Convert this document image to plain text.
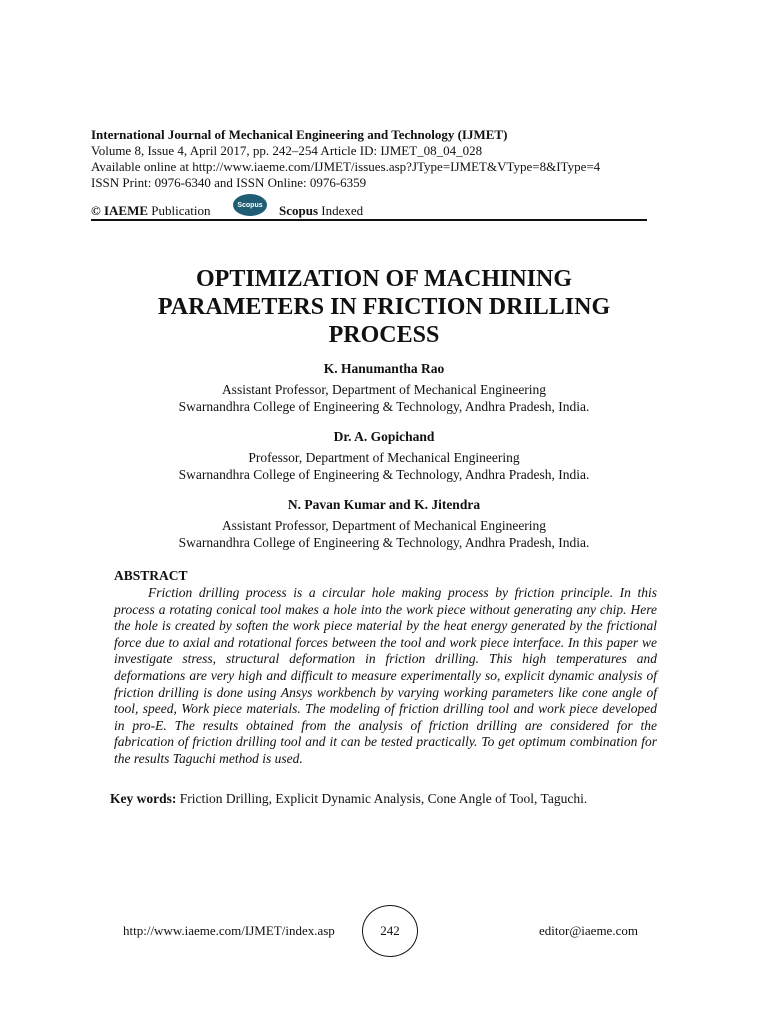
International Journal of Mechanical Engineering and Technology (IJMET)
Volume 8, Issue 4, April 2017, pp. 242–254 Article ID: IJMET_08_04_028
Available online at http://www.iaeme.com/IJMET/issues.asp?JType=IJMET&VType=8&IType=4
ISSN Print: 0976-6340 and ISSN Online: 0976-6359
© IAEME Publication	Scopus Scopus Indexed
OPTIMIZATION OF MACHINING
PARAMETERS IN FRICTION DRILLING
PROCESS
K. Hanumantha Rao
Assistant Professor, Department of Mechanical Engineering
Swarnandhra College of Engineering & Technology, Andhra Pradesh, India.
Dr. A. Gopichand
Professor, Department of Mechanical Engineering
Swarnandhra College of Engineering & Technology, Andhra Pradesh, India.
N. Pavan Kumar and K. Jitendra
Assistant Professor, Department of Mechanical Engineering
Swarnandhra College of Engineering & Technology, Andhra Pradesh, India.
ABSTRACT

Friction drilling process is a circular hole making process by friction principle. In this process a rotating conical tool makes a hole into the work piece without generating any chip. Here the hole is created by soften the work piece material by the heat energy generated by the frictional force due to axial and rotational forces between the tool and work piece interface. In this paper we investigate stress, structural deformation in friction drilling. This high temperatures and deformations are very high and difficult to measure experimentally so, explicit dynamic analysis of friction drilling is done using Ansys workbench by varying working parameters like cone angle of tool, speed, Work piece materials. The modeling of friction drilling tool and work piece developed in pro-E. The results obtained from the analysis of friction drilling are considered for the fabrication of friction drilling tool and it can be tested practically. To get optimum combination for the results Taguchi method is used.

Key words: Friction Drilling, Explicit Dynamic Analysis, Cone Angle of Tool, Taguchi.
http://www.iaeme.com/IJMET/index.asp	242	editor@iaeme.com
